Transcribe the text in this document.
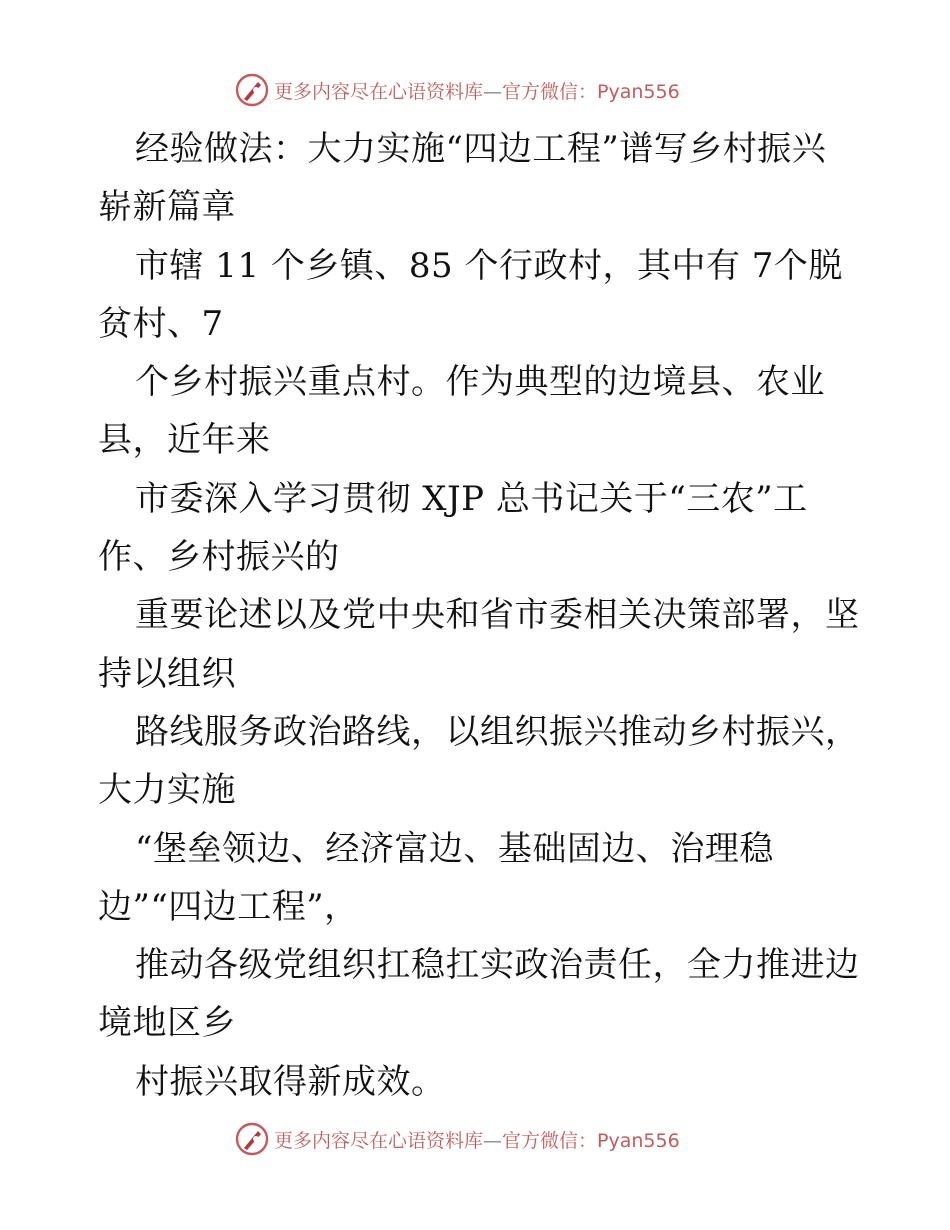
更多内容尽在心语资料库—官方微信：Pyan556
经验做法：大力实施“四边工程”谱写乡村振兴
崭新篇章
市辖 11 个乡镇、85 个行政村，其中有 7个脱
贫村、7
个乡村振兴重点村。作为典型的边境县、农业
县，近年来
市委深入学习贯彻 XJP 总书记关于“三农”工
作、乡村振兴的
重要论述以及党中央和省市委相关决策部署，坚
持以组织
路线服务政治路线，以组织振兴推动乡村振兴，
大力实施
“堡垒领边、经济富边、基础固边、治理稳
边”“四边工程”，
推动各级党组织扛稳扛实政治责任，全力推进边
境地区乡
村振兴取得新成效。
更多内容尽在心语资料库—官方微信：Pyan556
